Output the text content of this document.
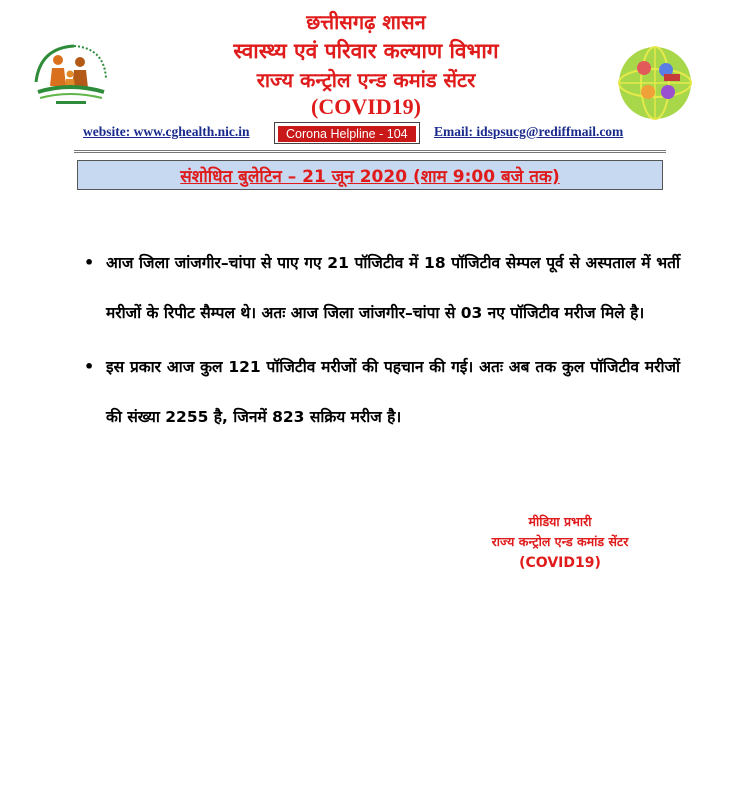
छत्तीसगढ़ शासन
स्वास्थ्य एवं परिवार कल्याण विभाग
राज्य कन्ट्रोल एन्ड कमांड सेंटर
(COVID19)
website: www.cghealth.nic.in	Corona Helpline - 104	Email: idspsucg@rediffmail.com
संशोधित बुलेटिन – 21 जून 2020 (शाम 9:00 बजे तक)

• आज जिला जांजगीर–चांपा से पाए गए 21 पॉजिटीव में 18 पॉजिटीव सेम्पल पूर्व से अस्पताल में भर्ती मरीजों के रिपीट सैम्पल थे। अतः आज जिला जांजगीर–चांपा से 03 नए पॉजिटीव मरीज मिले है।

• इस प्रकार आज कुल 121 पॉजिटीव मरीजों की पहचान की गई। अतः अब तक कुल पॉजिटीव मरीजों की संख्या 2255 है, जिनमें 823 सक्रिय मरीज है।

मीडिया प्रभारी
राज्य कन्ट्रोल एन्ड कमांड सेंटर
(COVID19)
